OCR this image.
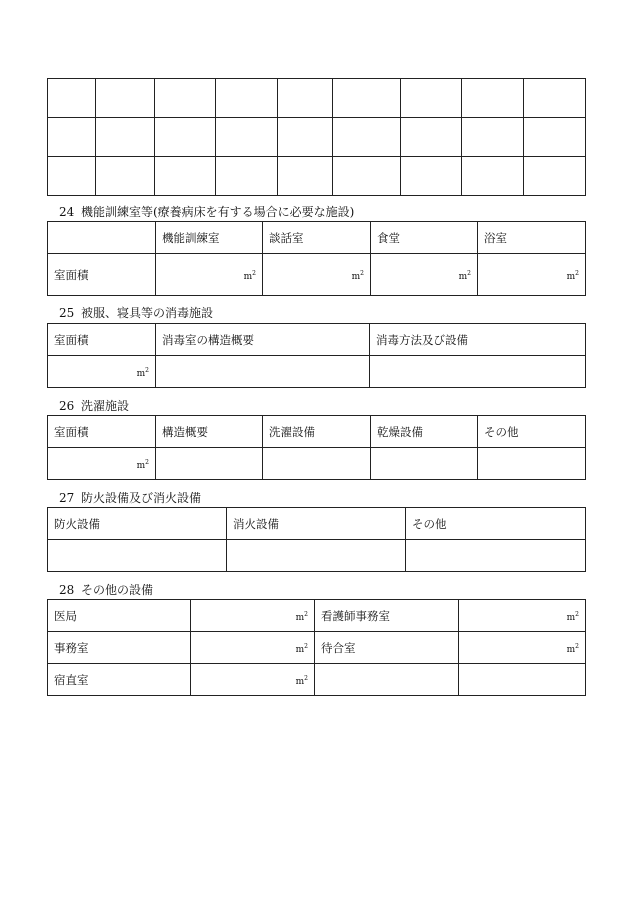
24 機能訓練室等(療養病床を有する場合に必要な施設)
	機能訓練室	談話室	食堂	浴室
室面積	$m^2$	$m^2$	$m^2$	$m^2$
25 被服、寝具等の消毒施設
室面積	消毒室の構造概要	消毒方法及び設備
$m^2$		
26 洗濯施設
室面積	構造概要	洗濯設備	乾燥設備	その他
$m^2$				
27 防火設備及び消火設備
防火設備	消火設備	その他

28 その他の設備
医局	$m^2$	看護師事務室	$m^2$
事務室	$m^2$	待合室	$m^2$
宿直室	$m^2$		
